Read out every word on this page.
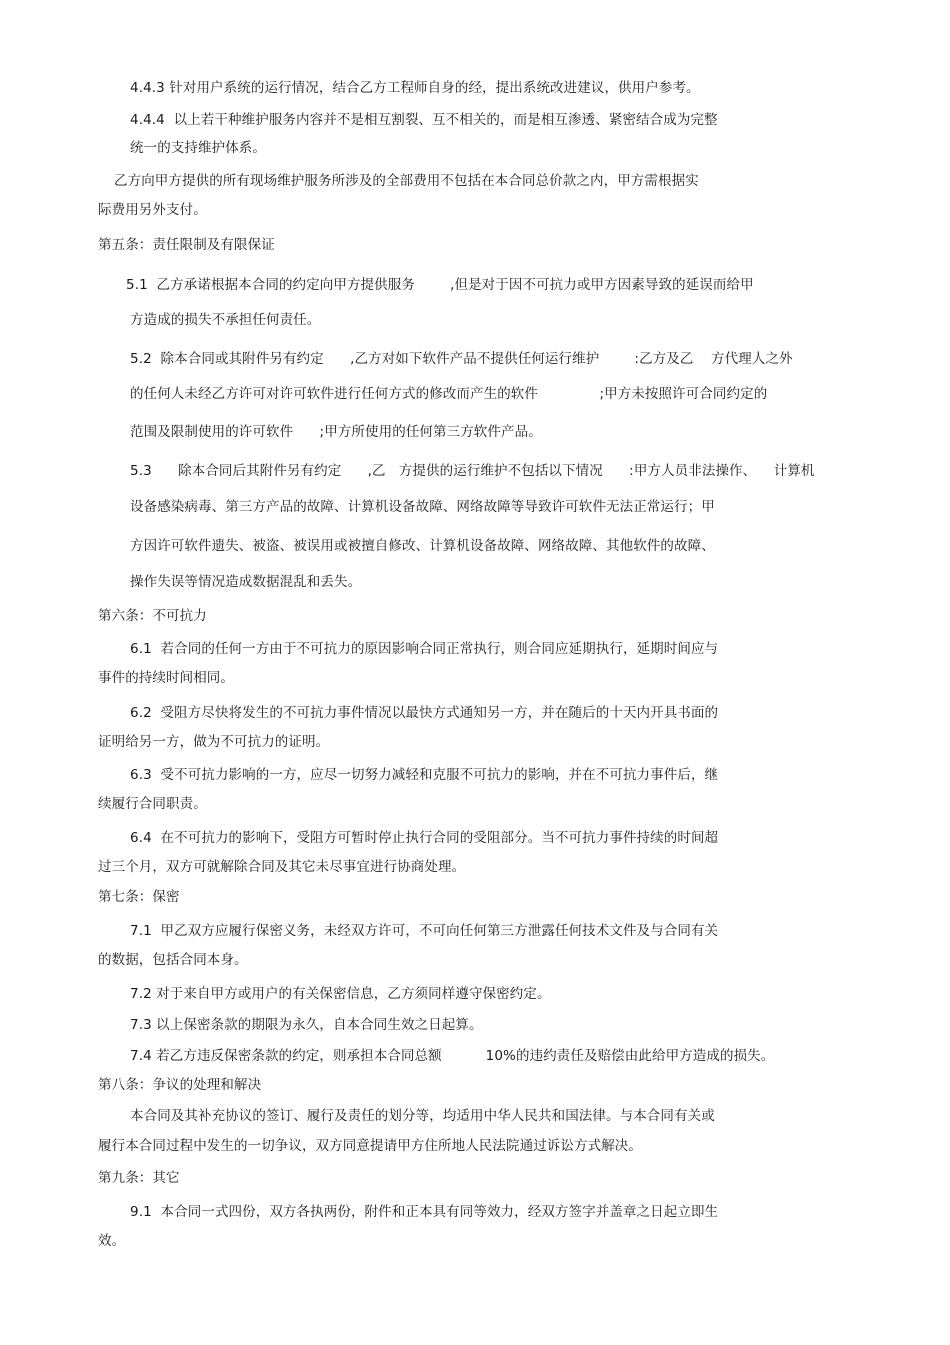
4.4.3 针对用户系统的运行情况，结合乙方工程师自身的经，提出系统改进建议，供用户参考。
4.4.4  以上若干种维护服务内容并不是相互割裂、互不相关的，而是相互渗透、紧密结合成为完整
统一的支持维护体系。
乙方向甲方提供的所有现场维护服务所涉及的全部费用不包括在本合同总价款之内，甲方需根据实
际费用另外支付。
第五条：责任限制及有限保证
5.1  乙方承诺根据本合同的约定向甲方提供服务        ,但是对于因不可抗力或甲方因素导致的延误而给甲
方造成的损失不承担任何责任。
5.2  除本合同或其附件另有约定      ,乙方对如下软件产品不提供任何运行维护        :乙方及乙    方代理人之外
的任何人未经乙方许可对许可软件进行任何方式的修改而产生的软件              ;甲方未按照许可合同约定的
范围及限制使用的许可软件      ;甲方所使用的任何第三方软件产品。
5.3      除本合同后其附件另有约定      ,乙   方提供的运行维护不包括以下情况      :甲方人员非法操作、    计算机
设备感染病毒、第三方产品的故障、计算机设备故障、网络故障等导致许可软件无法正常运行；甲
方因许可软件遗失、被盗、被误用或被擅自修改、计算机设备故障、网络故障、其他软件的故障、
操作失误等情况造成数据混乱和丢失。
第六条：不可抗力
6.1  若合同的任何一方由于不可抗力的原因影响合同正常执行，则合同应延期执行，延期时间应与
事件的持续时间相同。
6.2  受阻方尽快将发生的不可抗力事件情况以最快方式通知另一方，并在随后的十天内开具书面的
证明给另一方，做为不可抗力的证明。
6.3  受不可抗力影响的一方，应尽一切努力减轻和克服不可抗力的影响，并在不可抗力事件后，继
续履行合同职责。
6.4  在不可抗力的影响下，受阻方可暂时停止执行合同的受阻部分。当不可抗力事件持续的时间超
过三个月，双方可就解除合同及其它未尽事宜进行协商处理。
第七条：保密
7.1  甲乙双方应履行保密义务，未经双方许可，不可向任何第三方泄露任何技术文件及与合同有关
的数据，包括合同本身。
7.2 对于来自甲方或用户的有关保密信息，乙方须同样遵守保密约定。
7.3 以上保密条款的期限为永久，自本合同生效之日起算。
7.4 若乙方违反保密条款的约定，则承担本合同总额          10%的违约责任及赔偿由此给甲方造成的损失。
第八条：争议的处理和解决
本合同及其补充协议的签订、履行及责任的划分等，均适用中华人民共和国法律。与本合同有关或
履行本合同过程中发生的一切争议，双方同意提请甲方住所地人民法院通过诉讼方式解决。
第九条：其它
9.1  本合同一式四份，双方各执两份，附件和正本具有同等效力，经双方签字并盖章之日起立即生
效。
